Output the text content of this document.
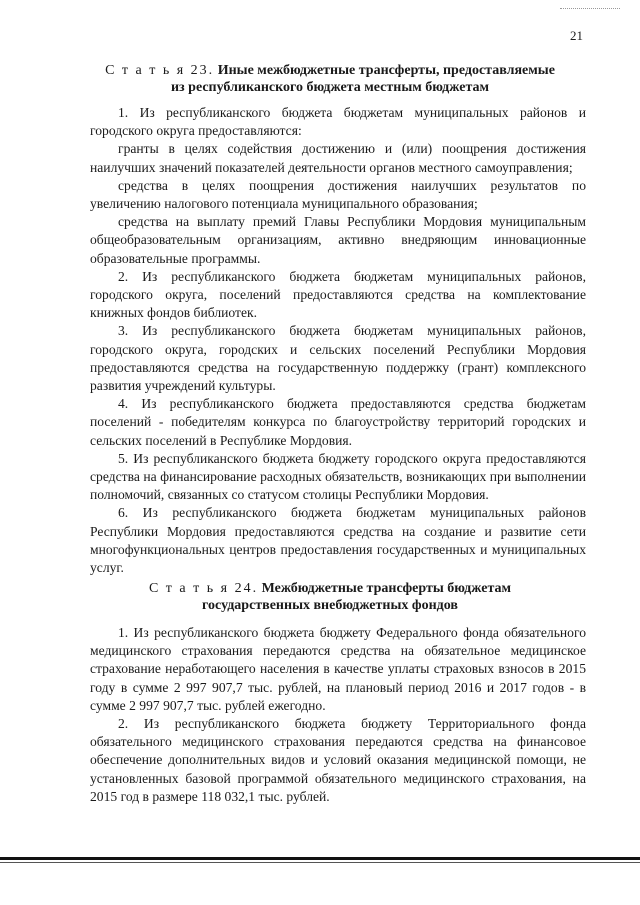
21
С т а т ь я 23. Иные межбюджетные трансферты, предоставляемые
из республиканского бюджета местным бюджетам

1. Из республиканского бюджета бюджетам муниципальных районов и городского округа предоставляются:

гранты в целях содействия достижению и (или) поощрения достижения наилучших значений показателей деятельности органов местного самоуправления;

средства в целях поощрения достижения наилучших результатов по увеличению налогового потенциала муниципального образования;

средства на выплату премий Главы Республики Мордовия муниципальным общеобразовательным организациям, активно внедряющим инновационные образовательные программы.

2. Из республиканского бюджета бюджетам муниципальных районов, городского округа, поселений предоставляются средства на комплектование книжных фондов библиотек.

3. Из республиканского бюджета бюджетам муниципальных районов, городского округа, городских и сельских поселений Республики Мордовия предоставляются средства на государственную поддержку (грант) комплексного развития учреждений культуры.

4. Из республиканского бюджета предоставляются средства бюджетам поселений - победителям конкурса по благоустройству территорий городских и сельских поселений в Республике Мордовия.

5. Из республиканского бюджета бюджету городского округа предоставляются средства на финансирование расходных обязательств, возникающих при выполнении полномочий, связанных со статусом столицы Республики Мордовия.

6. Из республиканского бюджета бюджетам муниципальных районов Республики Мордовия предоставляются средства на создание и развитие сети многофункциональных центров предоставления государственных и муниципальных услуг.

С т а т ь я 24. Межбюджетные трансферты бюджетам
государственных внебюджетных фондов

1. Из республиканского бюджета бюджету Федерального фонда обязательного медицинского страхования передаются средства на обязательное медицинское страхование неработающего населения в качестве уплаты страховых взносов в 2015 году в сумме 2 997 907,7 тыс. рублей, на плановый период 2016 и 2017 годов - в сумме 2 997 907,7 тыс. рублей ежегодно.

2. Из республиканского бюджета бюджету Территориального фонда обязательного медицинского страхования передаются средства на финансовое обеспечение дополнительных видов и условий оказания медицинской помощи, не установленных базовой программой обязательного медицинского страхования, на 2015 год в размере 118 032,1 тыс. рублей.
